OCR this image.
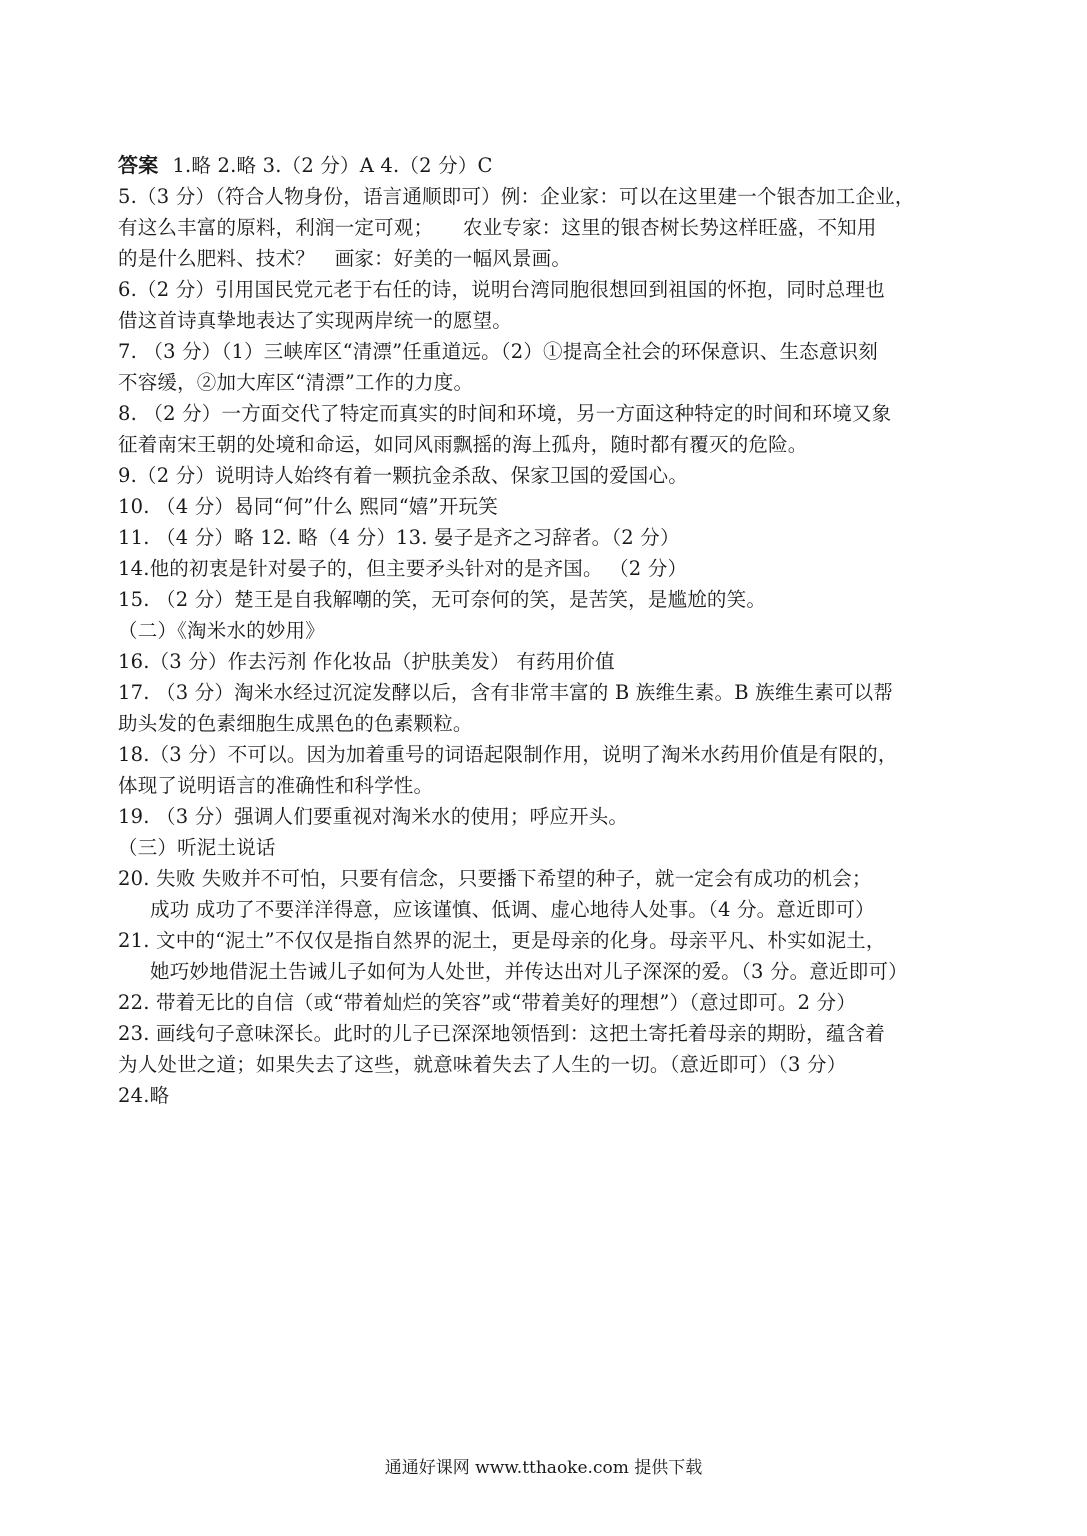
答案 1.略 2.略 3.（2 分）A 4.（2 分）C
5.（3 分）（符合人物身份，语言通顺即可）例：企业家：可以在这里建一个银杏加工企业，
有这么丰富的原料，利润一定可观；　　农业专家：这里的银杏树长势这样旺盛，不知用
的是什么肥料、技术？　画家：好美的一幅风景画。
6.（2 分）引用国民党元老于右任的诗，说明台湾同胞很想回到祖国的怀抱，同时总理也
借这首诗真挚地表达了实现两岸统一的愿望。
7. （3 分）（1）三峡库区“清漂”任重道远。（2）①提高全社会的环保意识、生态意识刻
不容缓，②加大库区“清漂”工作的力度。
8. （2 分）一方面交代了特定而真实的时间和环境，另一方面这种特定的时间和环境又象
征着南宋王朝的处境和命运，如同风雨飘摇的海上孤舟，随时都有覆灭的危险。
9.（2 分）说明诗人始终有着一颗抗金杀敌、保家卫国的爱国心。
10. （4 分）曷同“何”什么 熙同“嬉”开玩笑
11. （4 分）略 12. 略（4 分）13. 晏子是齐之习辞者。（2 分）
14.他的初衷是针对晏子的，但主要矛头针对的是齐国。 （2 分）
15. （2 分）楚王是自我解嘲的笑，无可奈何的笑，是苦笑，是尴尬的笑。
（二）《淘米水的妙用》
16.（3 分）作去污剂 作化妆品（护肤美发） 有药用价值
17. （3 分）淘米水经过沉淀发酵以后，含有非常丰富的 B 族维生素。B 族维生素可以帮
助头发的色素细胞生成黑色的色素颗粒。
18.（3 分）不可以。因为加着重号的词语起限制作用，说明了淘米水药用价值是有限的，
体现了说明语言的准确性和科学性。
19. （3 分）强调人们要重视对淘米水的使用；呼应开头。
（三）听泥土说话
20. 失败 失败并不可怕，只要有信念，只要播下希望的种子，就一定会有成功的机会；
成功 成功了不要洋洋得意，应该谨慎、低调、虚心地待人处事。（4 分。意近即可）
21. 文中的“泥土”不仅仅是指自然界的泥土，更是母亲的化身。母亲平凡、朴实如泥土，
她巧妙地借泥土告诫儿子如何为人处世，并传达出对儿子深深的爱。（3 分。意近即可）
22. 带着无比的自信（或“带着灿烂的笑容”或“带着美好的理想”）（意过即可。2 分）
23. 画线句子意味深长。此时的儿子已深深地领悟到：这把土寄托着母亲的期盼，蕴含着
为人处世之道；如果失去了这些，就意味着失去了人生的一切。（意近即可）（3 分）
24.略
通通好课网 www.tthaoke.com 提供下载
